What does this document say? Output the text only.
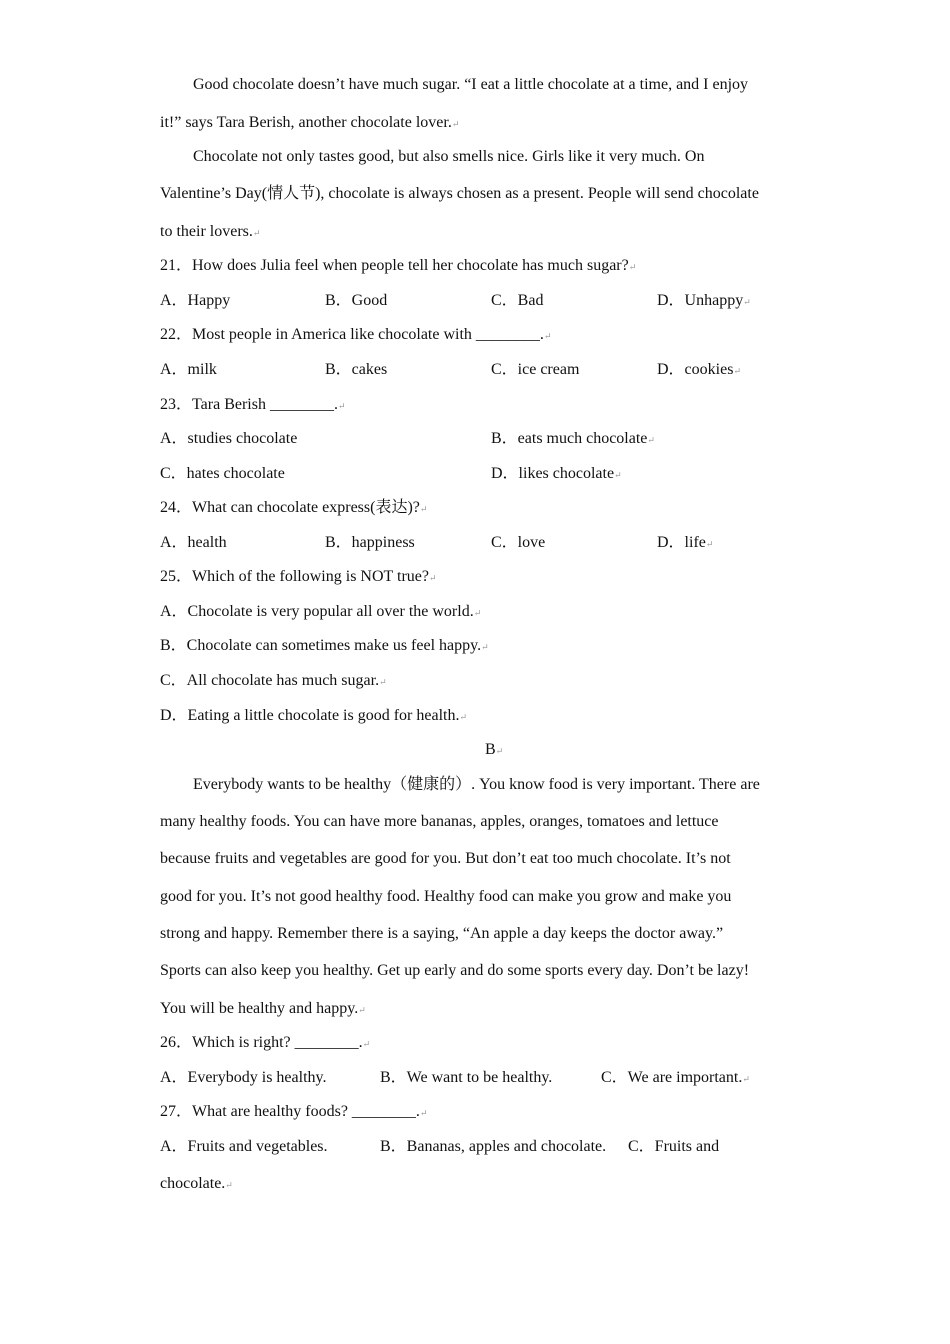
Good chocolate doesn’t have much sugar. “I eat a little chocolate at a time, and I enjoy
it!” says Tara Berish, another chocolate lover.↵
Chocolate not only tastes good, but also smells nice. Girls like it very much. On
Valentine’s Day(情人节), chocolate is always chosen as a present. People will send chocolate
to their lovers.↵
21．How does Julia feel when people tell her chocolate has much sugar?↵
A．Happy	B．Good	C．Bad	D．Unhappy↵
22．Most people in America like chocolate with ________.↵
A．milk	B．cakes	C．ice cream	D．cookies↵
23．Tara Berish ________.↵
A．studies chocolate	B．eats much chocolate↵
C．hates chocolate	D．likes chocolate↵
24．What can chocolate express(表达)?↵
A．health	B．happiness	C．love	D．life↵
25．Which of the following is NOT true?↵
A．Chocolate is very popular all over the world.↵
B．Chocolate can sometimes make us feel happy.↵
C．All chocolate has much sugar.↵
D．Eating a little chocolate is good for health.↵
B↵
Everybody wants to be healthy（健康的）. You know food is very important. There are
many healthy foods. You can have more bananas, apples, oranges, tomatoes and lettuce
because fruits and vegetables are good for you. But don’t eat too much chocolate. It’s not
good for you. It’s not good healthy food. Healthy food can make you grow and make you
strong and happy. Remember there is a saying, “An apple a day keeps the doctor away.”
Sports can also keep you healthy. Get up early and do some sports every day. Don’t be lazy!
You will be healthy and happy.↵
26．Which is right? ________.↵
A．Everybody is healthy.	B．We want to be healthy.	C．We are important.↵
27．What are healthy foods? ________.↵
A．Fruits and vegetables.	B．Bananas, apples and chocolate. C．Fruits and
chocolate.↵
